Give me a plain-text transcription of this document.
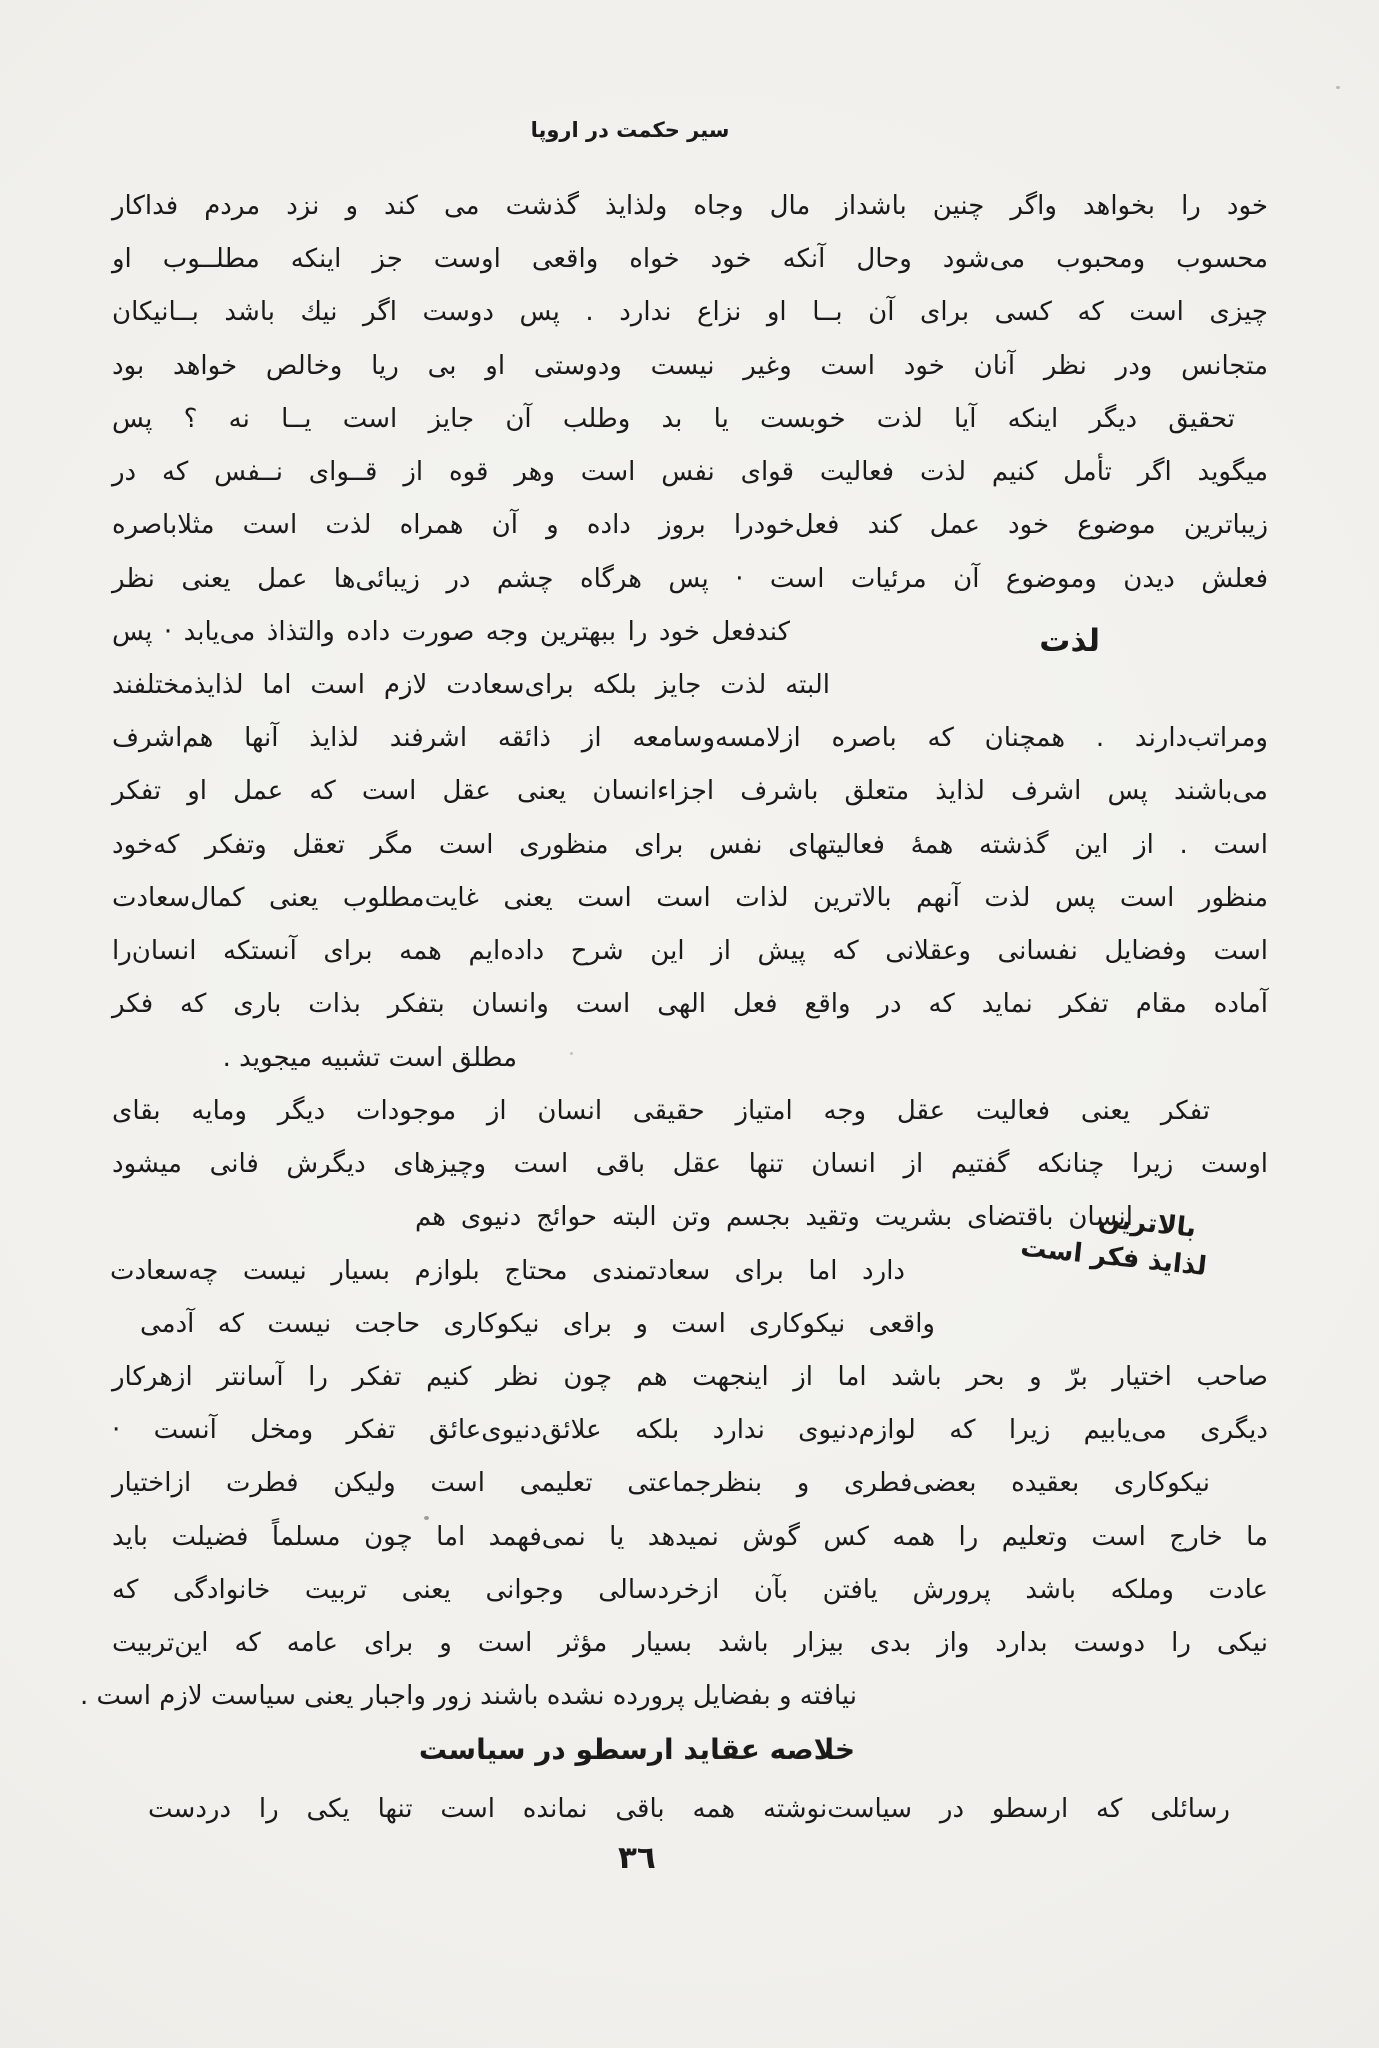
سیر حکمت در اروپا
خود را بخواهد واگر چنین باشداز مال وجاه ولذایذ گذشت می کند و نزد مردم فداکار
محسوب ومحبوب می‌شود وحال آنکه خود خواه واقعی اوست جز اینکه مطلــوب او
چیزی است که کسی برای آن بــا او نزاع ندارد . پس دوست اگر نیك باشد بــانیکان
متجانس ودر نظر آنان خود است وغیر نیست ودوستی او بی ریا وخالص خواهد بود
تحقیق دیگر اینکه آیا لذت خوبست یا بد وطلب آن جایز است یــا نه ؟ پس
میگوید اگر تأمل کنیم لذت فعالیت قوای نفس است وهر قوه از قــوای نــفس که در
زیباترین موضوع خود عمل کند فعل‌خودرا بروز داده و آن همراه لذت است مثلاباصره
فعلش دیدن وموضوع آن مرئیات است · پس هرگاه چشم در زیبائی‌ها عمل یعنی نظر
کندفعل خود را ببهترین وجه صورت داده والتذاذ می‌یابد · پس
البته لذت جایز بلکه برای‌سعادت لازم است اما لذایذمختلفند
ومراتب‌دارند . همچنان که باصره ازلامسه‌وسامعه از ذائقه اشرفند لذایذ آنها هم‌اشرف
می‌باشند پس اشرف لذایذ متعلق باشرف اجزاءانسان یعنی عقل است که عمل او تفکر
است . از این گذشته همهٔ فعالیتهای نفس برای منظوری است مگر تعقل وتفکر که‌خود
منظور است پس لذت آنهم بالاترین لذات است است یعنی غایت‌مطلوب یعنی کمال‌سعادت
است وفضایل نفسانی وعقلانی که پیش از این شرح داده‌ایم همه برای آنستکه انسان‌را
آماده مقام تفکر نماید که در واقع فعل الهی است وانسان بتفکر بذات باری که فکر
مطلق است تشبیه میجوید .
تفکر یعنی فعالیت عقل وجه امتیاز حقیقی انسان از موجودات دیگر ومایه بقای
اوست زیرا چنانکه گفتیم از انسان تنها عقل باقی است وچیزهای دیگرش فانی میشود
انسان باقتضای بشریت وتقید بجسم وتن البته حوائج دنیوی هم
دارد اما برای سعادتمندی محتاج بلوازم بسیار نیست چه‌سعادت
واقعی نیکوکاری است و برای نیکوکاری حاجت نیست که آدمی
صاحب اختیار برّ و بحر باشد اما از اینجهت هم چون نظر کنیم تفکر را آسانتر ازهرکار
دیگری می‌یابیم زیرا که لوازم‌دنیوی ندارد بلکه علائق‌دنیوی‌عائق تفکر ومخل آنست ·
نیکوکاری بعقیده بعضی‌فطری و بنظرجماعتی تعلیمی است ولیکن فطرت ازاختیار
ما خارج است وتعلیم را همه کس گوش نمیدهد یا نمی‌فهمد اما چون مسلماً فضیلت باید
عادت وملکه باشد پرورش یافتن بآن ازخردسالی وجوانی یعنی تربیت خانوادگی که
نیکی را دوست بدارد واز بدی بیزار باشد بسیار مؤثر است و برای عامه که این‌تربیت
نیافته و بفضایل پرورده نشده باشند زور واجبار یعنی سیاست لازم است .
لذت
بالاترین
لذایذ فکر است
خلاصه عقاید ارسطو در سیاست
رسائلی که ارسطو در سیاست‌نوشته همه باقی نمانده است تنها یکی را دردست
٣٦
